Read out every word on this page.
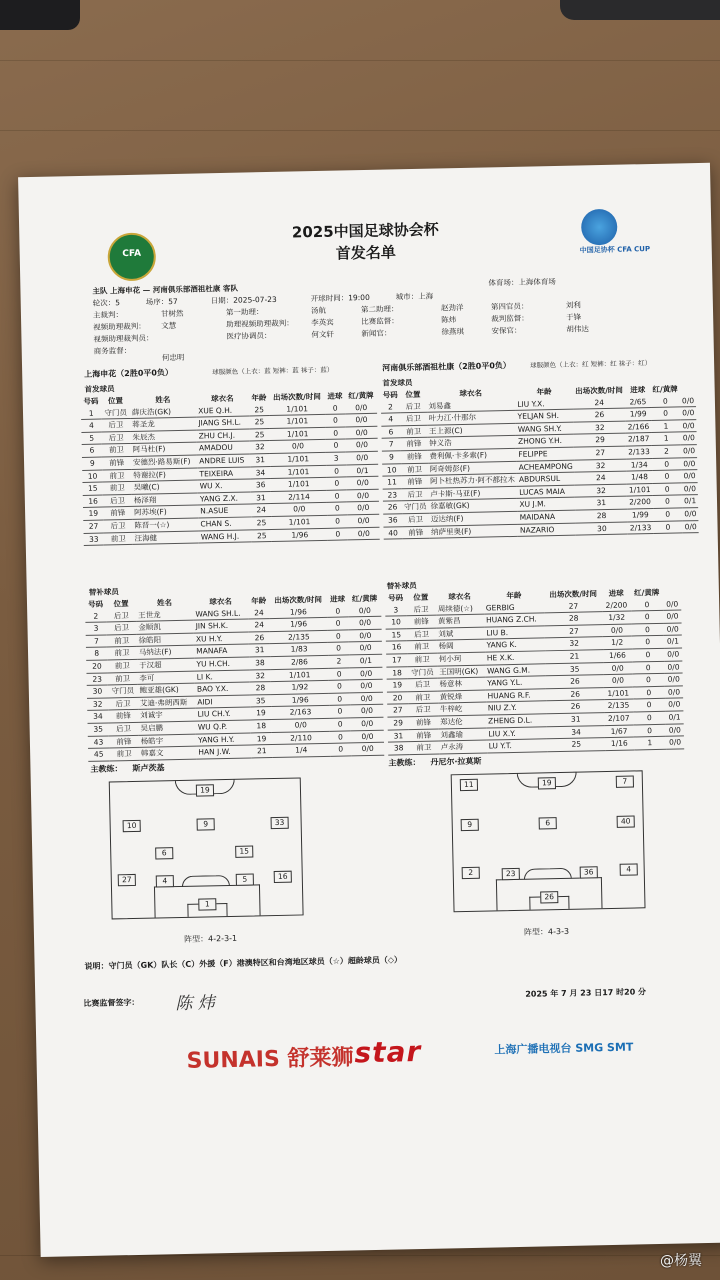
CFA	中国足协杯 CFA CUP
2025中国足球协会杯
首发名单
主队 上海申花 — 河南俱乐部酒祖杜康 客队
体育场：上海体育场
轮次：5	场序：57	日期：2025-07-23	开球时间：19:00	城市：上海
主裁判：	甘树然	第一助理：	汤航	第二助理：	赵劲洋	第四官员：	刘利
视频助理裁判： 文慧	助理视频助理裁判： 李英宾	比赛监督：	陈炜	裁判监督：	于锋
视频助理裁判员：	医疗协调员：	何文轩	新闻官：	徐燕琪	安保官：	胡伟达
商务监督：
何忠明
上海申花（2胜0平0负）	球服颜色（上衣：蓝 短裤：蓝 袜子：蓝）	河南俱乐部酒祖杜康（2胜0平0负）	球服颜色（上衣：红 短裤：红 袜子：红）
首发球员
首发球员
号码	位置	姓名	球衣名	年龄	出场次数/时间	进球	红/黄牌
1	守门员	薛庆浩(GK)	XUE Q.H.	25	1/101	0	0/0
4	后卫	蒋圣龙	JIANG SH.L.	25	1/101	0	0/0
5	后卫	朱辰杰	ZHU CH.J.	25	1/101	0	0/0
6	前卫	阿马杜(F)	AMADOU	32	0/0	0	0/0
9	前锋	安德烈·路易斯(F)	ANDRE LUIS	31	1/101	3	0/0
10	前卫	特谢拉(F)	TEIXEIRA	34	1/101	0	0/1
15	前卫	吴曦(C)	WU X.	36	1/101	0	0/0
16	后卫	杨泽翔	YANG Z.X.	31	2/114	0	0/0
19	前锋	阿苏埃(F)	N.ASUE	24	0/0	0	0/0
27	后卫	陈晋一(☆)	CHAN S.	25	1/101	0	0/0
33	前卫	汪海健	WANG H.J.	25	1/96	0	0/0
号码	位置	球衣名	年龄	出场次数/时间	进球	红/黄牌	
2	后卫	刘易鑫	LIU Y.X.	24	2/65	0	0/0
4	后卫	叶力江·什那尔	YELJAN SH.	26	1/99	0	0/0
6	前卫	王上源(C)	WANG SH.Y.	32	2/166	1	0/0
7	前锋	钟义浩	ZHONG Y.H.	29	2/187	1	0/0
9	前锋	费利佩·卡多索(F)	FELIPPE	27	2/133	2	0/0
10	前卫	阿奇姆彭(F)	ACHEAMPONG	32	1/34	0	0/0
11	前锋	阿卜杜热苏力·阿不都拉木	ABDURSUL	24	1/48	0	0/0
23	后卫	卢卡斯·马亚(F)	LUCAS MAIA	32	1/101	0	0/0
26	守门员	徐嘉敏(GK)	XU J.M.	31	2/200	0	0/1
36	后卫	迈达纳(F)	MAIDANA	28	1/99	0	0/0
40	前锋	纳萨里奥(F)	NAZARIO	30	2/133	0	0/0
替补球员
替补球员
号码	位置	姓名	球衣名	年龄	出场次数/时间	进球	红/黄牌
2	后卫	王世龙	WANG SH.L.	24	1/96	0	0/0
3	后卫	金顺凯	JIN SH.K.	24	1/96	0	0/0
7	前卫	徐皓阳	XU H.Y.	26	2/135	0	0/0
8	前卫	马纳法(F)	MANAFA	31	1/83	0	0/0
20	前卫	于汉超	YU H.CH.	38	2/86	2	0/1
23	前卫	李可	LI K.	32	1/101	0	0/0
30	守门员	鲍亚雄(GK)	BAO Y.X.	28	1/92	0	0/0
32	后卫	艾迪·弗朗西斯	AIDI	35	1/96	0	0/0
34	前锋	刘诚宇	LIU CH.Y.	19	2/163	0	0/0
35	后卫	吴启鹏	WU Q.P.	18	0/0	0	0/0
43	前锋	杨皓宇	YANG H.Y.	19	2/110	0	0/0
45	前卫	韩嘉文	HAN J.W.	21	1/4	0	0/0
号码	位置	球衣名	年龄	出场次数/时间	进球	红/黄牌	
3	后卫	周续德(☆)	GERBIG	27	2/200	0	0/0
10	前锋	黄紫昌	HUANG Z.CH.	28	1/32	0	0/0
15	后卫	刘斌	LIU B.	27	0/0	0	0/0
16	前卫	杨阔	YANG K.	32	1/2	0	0/1
17	前卫	何小珂	HE X.K.	21	1/66	0	0/0
18	守门员	王国明(GK)	WANG G.M.	35	0/0	0	0/0
19	后卫	杨意林	YANG Y.L.	26	0/0	0	0/0
20	前卫	黄锐烽	HUANG R.F.	26	1/101	0	0/0
27	后卫	牛梓屹	NIU Z.Y.	26	2/135	0	0/0
29	前锋	郑达伦	ZHENG D.L.	31	2/107	0	0/1
31	前锋	刘鑫瑜	LIU X.Y.	34	1/67	0	0/0
38	前卫	卢永涛	LU Y.T.	25	1/16	1	0/0
主教练： 斯卢茨基
主教练： 丹尼尔·拉莫斯
19
10	9	33
6	15
27	4	5	16
1
11	19	7
9	6	40
2	23	36	4
26
阵型：4-2-3-1
阵型：4-3-3
说明：守门员（GK）队长（C）外援（F）港澳特区和台湾地区球员（☆）超龄球员（◇）
比赛监督签字： 陈 炜
2025 年 7 月 23 日17 时20 分
SUNAIS 舒莱狮 star	上海广播电视台 SMG SMT
@杨翼
